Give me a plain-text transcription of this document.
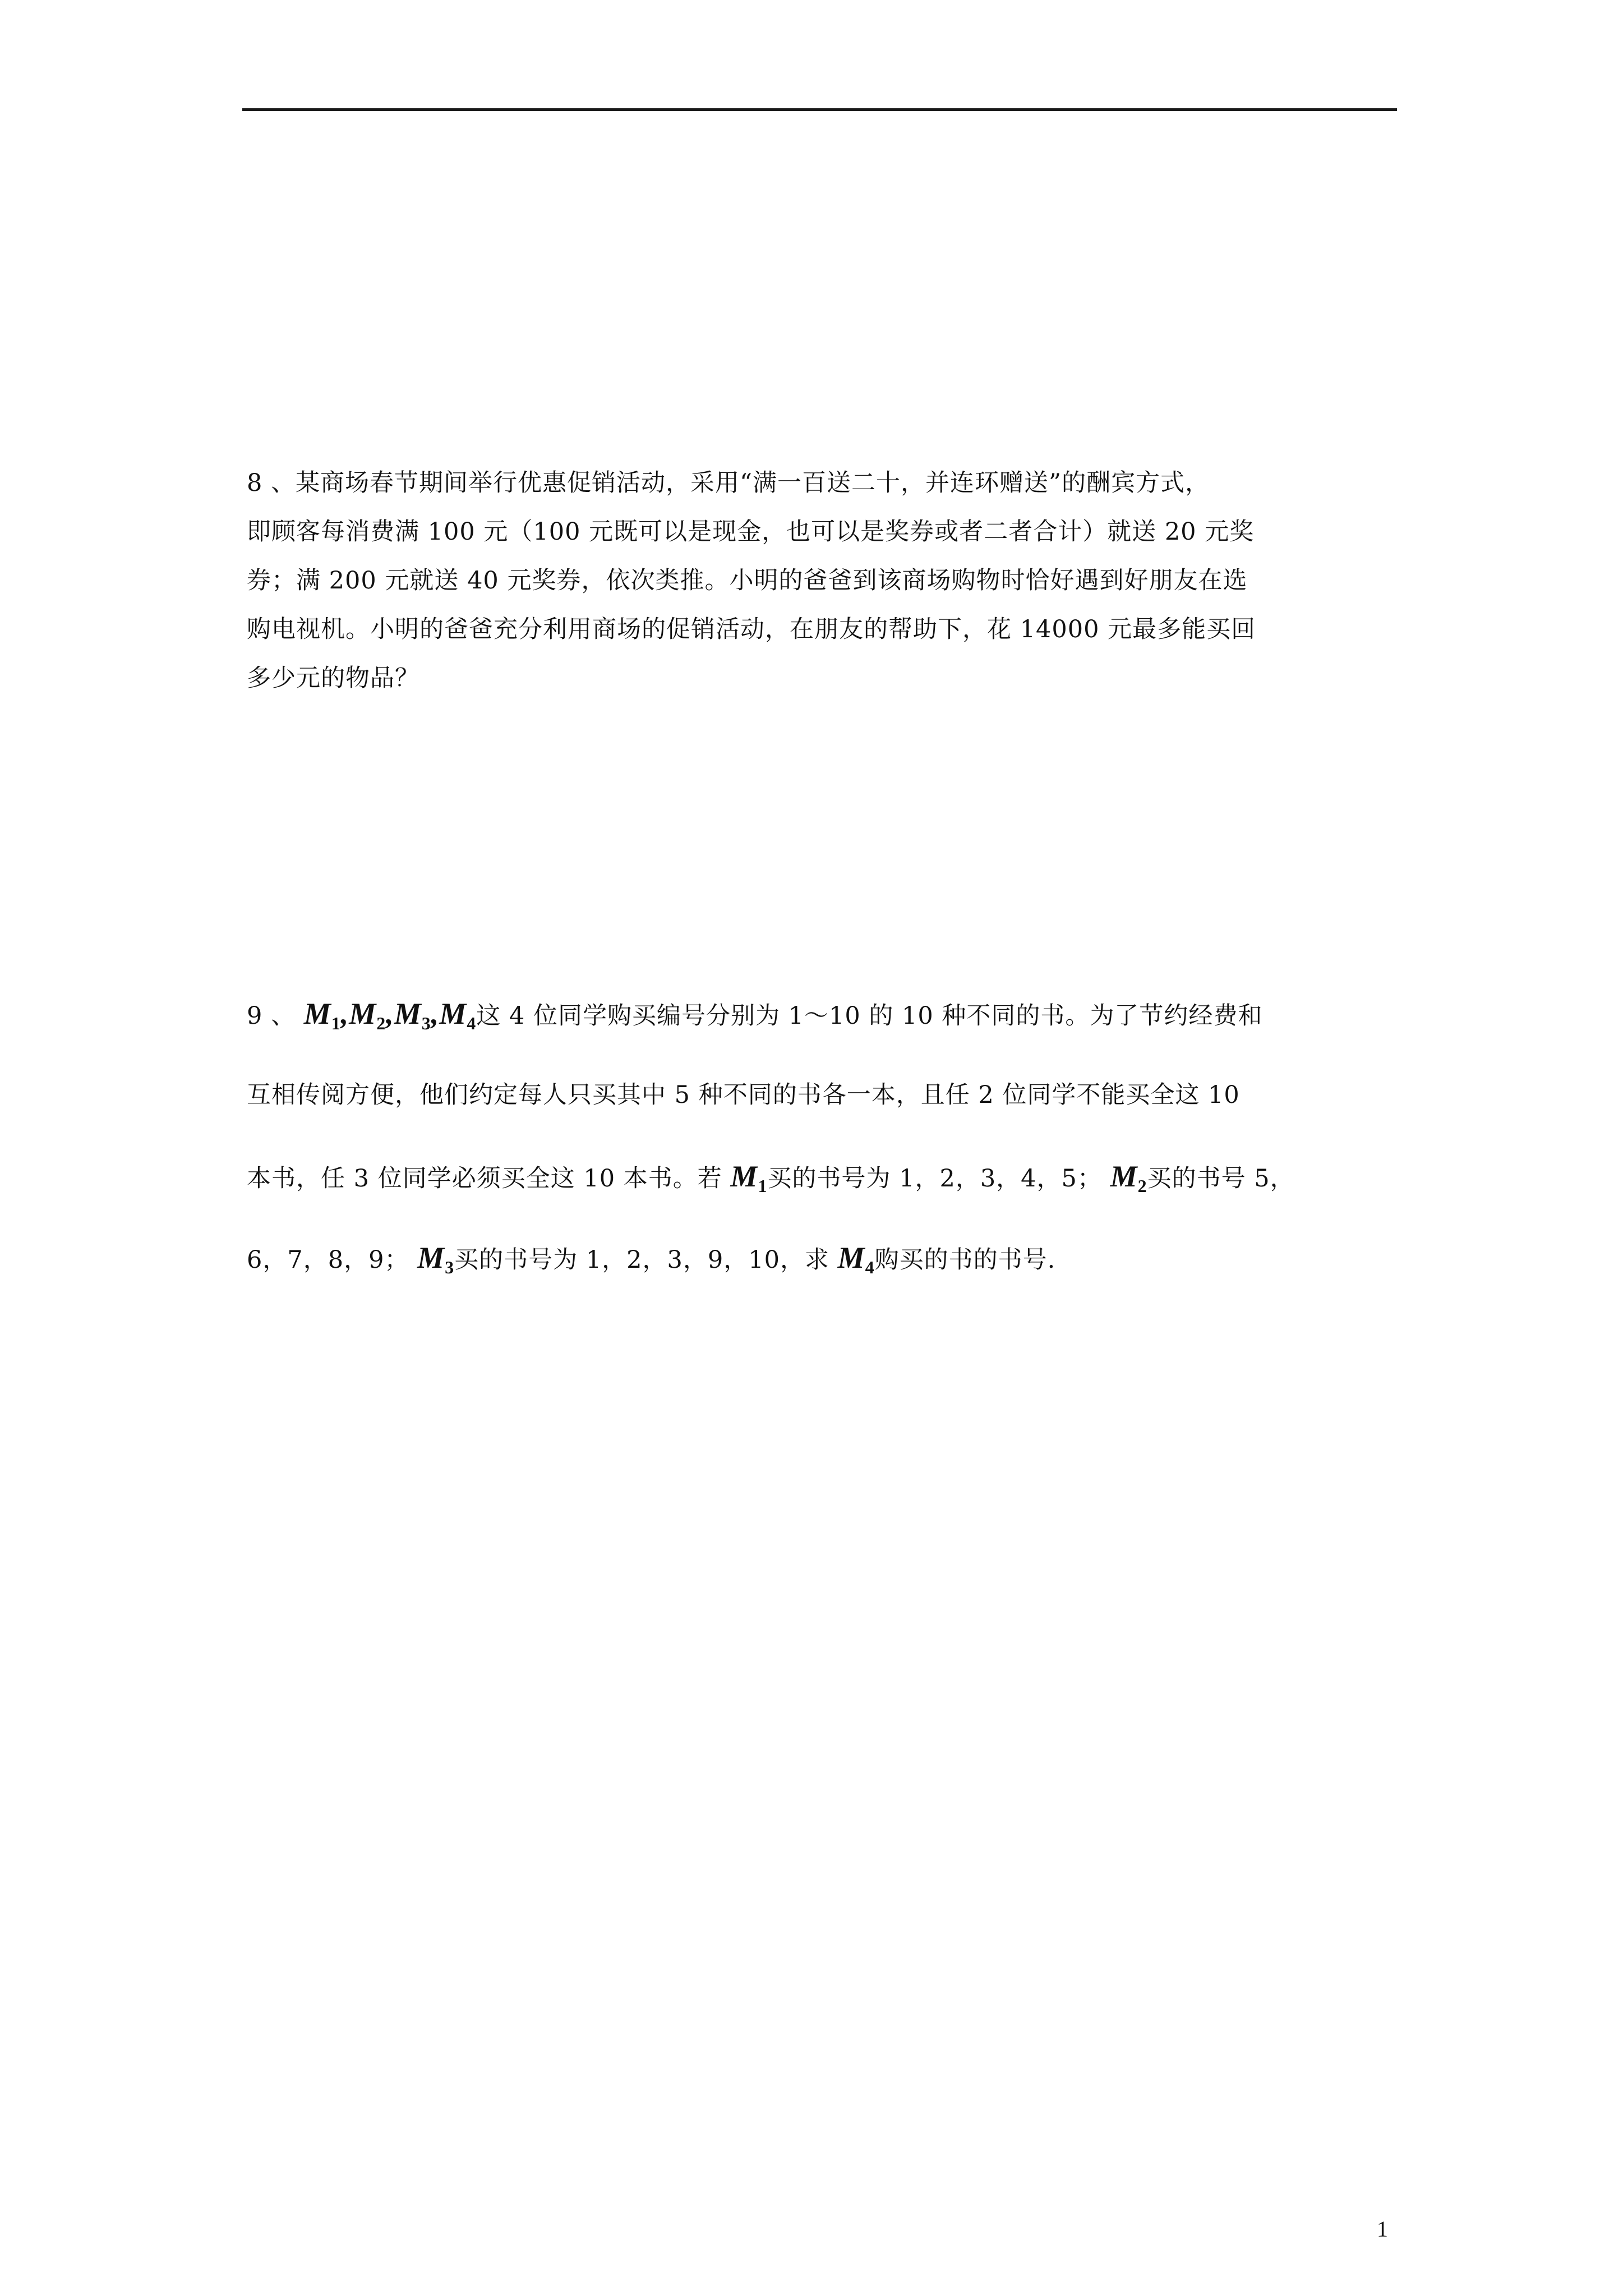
8 、某商场春节期间举行优惠促销活动，采用“满一百送二十，并连环赠送”的酬宾方式，
即顾客每消费满 100 元（100 元既可以是现金，也可以是奖券或者二者合计）就送 20 元奖
券；满 200 元就送 40 元奖券，依次类推。小明的爸爸到该商场购物时恰好遇到好朋友在选
购电视机。小明的爸爸充分利用商场的促销活动，在朋友的帮助下，花 14000 元最多能买回
多少元的物品？
9 、 $M_1,M_2,M_3,M_4$这 4 位同学购买编号分别为 1～10 的 10 种不同的书。为了节约经费和
互相传阅方便，他们约定每人只买其中 5 种不同的书各一本，且任 2 位同学不能买全这 10
本书，任 3 位同学必须买全这 10 本书。若 $M_1$买的书号为 1，2，3，4，5； $M_2$买的书号 5，
6，7，8，9； $M_3$买的书号为 1，2，3，9，10，求 $M_4$购买的书的书号.
1
